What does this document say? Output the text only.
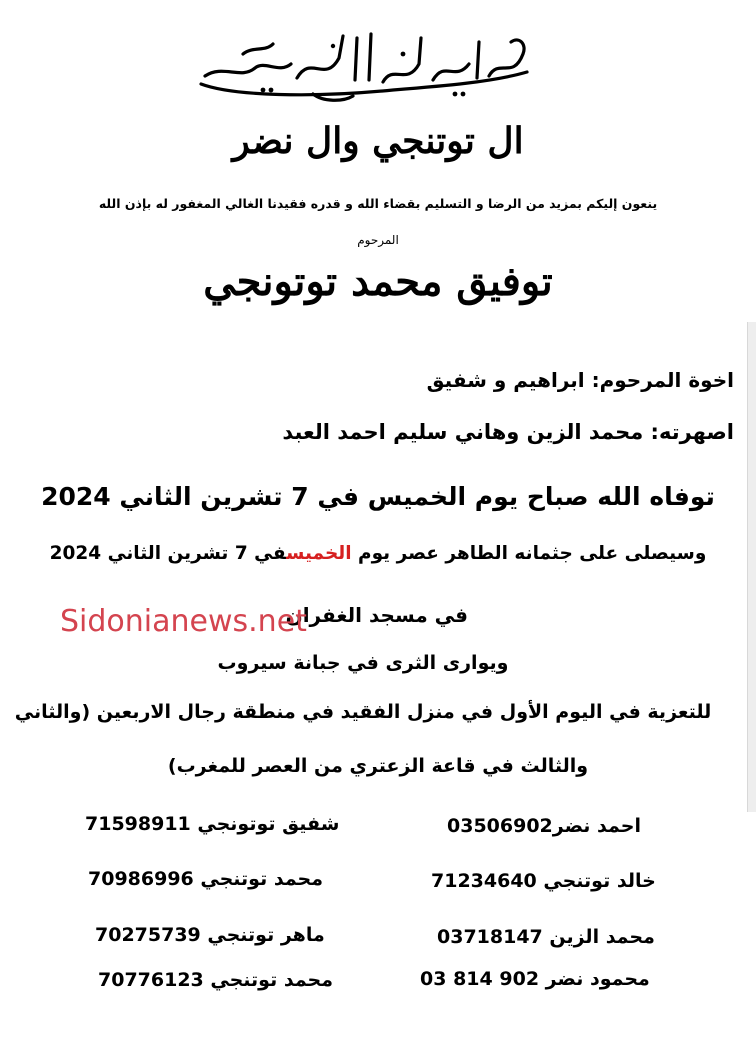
ال توتنجي وال نضر
ينعون إليكم بمزيد من الرضا و التسليم بقضاء الله و قدره فقيدنا الغالي المغفور له بإذن الله
المرحوم
توفيق محمد توتونجي
اخوة المرحوم: ابراهيم و شفيق
اصهرته: محمد الزين وهاني سليم احمد العبد
توفاه الله صباح يوم الخميس في 7 تشرين الثاني 2024
وسيصلى على جثمانه الطاهر عصر يوم الخميسفي 7 تشرين الثاني 2024
في مسجد الغفران
Sidonianews.net
ويوارى الثرى في جبانة سيروب
للتعزية في اليوم الأول في منزل الفقيد في منطقة رجال الاربعين (والثاني
والثالث في قاعة الزعتري من العصر للمغرب)
احمد نضر03506902
خالد توتنجي 71234640
محمد الزين 03718147
محمود نضر 902 814 03
شفيق توتونجي 71598911
محمد توتنجي 70986996
ماهر توتنجي 70275739
محمد توتنجي 70776123
